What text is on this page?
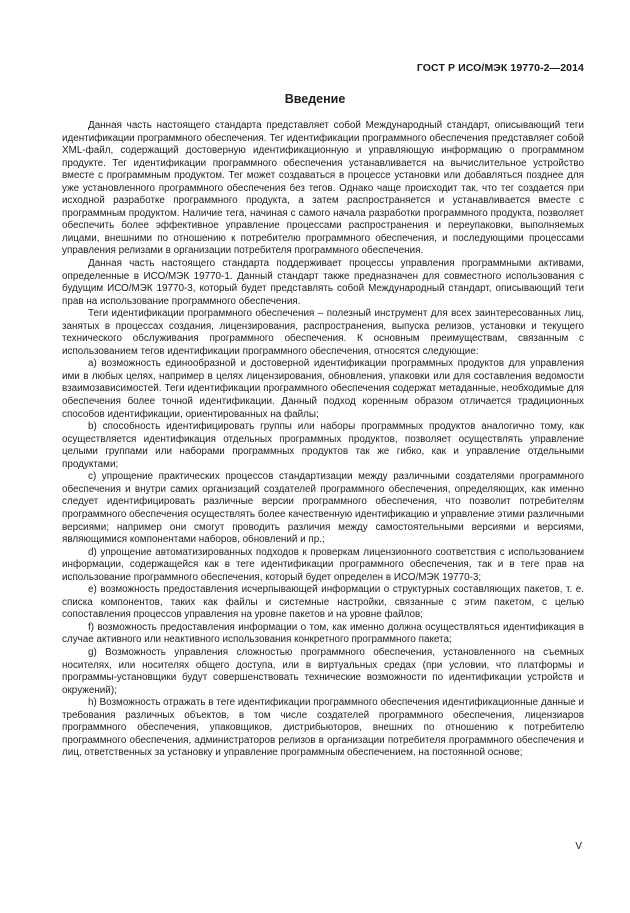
ГОСТ Р ИСО/МЭК 19770-2—2014
Введение

Данная часть настоящего стандарта представляет собой Международный стандарт, описывающий теги идентификации программного обеспечения. Тег идентификации программного обеспечения представляет собой XML-файл, содержащий достоверную идентификационную и управляющую информацию о программном продукте. Тег идентификации программного обеспечения устанавливается на вычислительное устройство вместе с программным продуктом. Тег может создаваться в процессе установки или добавляться позднее для уже установленного программного обеспечения без тегов. Однако чаще происходит так, что тег создается при исходной разработке программного продукта, а затем распространяется и устанавливается вместе с программным продуктом. Наличие тега, начиная с самого начала разработки программного продукта, позволяет обеспечить более эффективное управление процессами распространения и переупаковки, выполняемых лицами, внешними по отношению к потребителю программного обеспечения, и последующими процессами управления релизами в организации потребителя программного обеспечения.

Данная часть настоящего стандарта поддерживает процессы управления программными активами, определенные в ИСО/МЭК 19770-1. Данный стандарт также предназначен для совместного использования с будущим ИСО/МЭК 19770-3, который будет представлять собой Международный стандарт, описывающий теги прав на использование программного обеспечения.

Теги идентификации программного обеспечения – полезный инструмент для всех заинтересованных лиц, занятых в процессах создания, лицензирования, распространения, выпуска релизов, установки и текущего технического обслуживания программного обеспечения. К основным преимуществам, связанным с использованием тегов идентификации программного обеспечения, относятся следующие:

a) возможность единообразной и достоверной идентификации программных продуктов для управления ими в любых целях, например в целях лицензирования, обновления, упаковки или для составления ведомости взаимозависимостей. Теги идентификации программного обеспечения содержат метаданные, необходимые для обеспечения более точной идентификации. Данный подход коренным образом отличается традиционных способов идентификации, ориентированных на файлы;

b) способность идентифицировать группы или наборы программных продуктов аналогично тому, как осуществляется идентификация отдельных программных продуктов, позволяет осуществлять управление целыми группами или наборами программных продуктов так же гибко, как и управление отдельными продуктами;

c) упрощение практических процессов стандартизации между различными создателями программного обеспечения и внутри самих организаций создателей программного обеспечения, определяющих, как именно следует идентифицировать различные версии программного обеспечения, что позволит потребителям программного обеспечения осуществлять более качественную идентификацию и управление этими различными версиями; например они смогут проводить различия между самостоятельными версиями и версиями, являющимися компонентами наборов, обновлений и пр.;

d) упрощение автоматизированных подходов к проверкам лицензионного соответствия с использованием информации, содержащейся как в теге идентификации программного обеспечения, так и в теге прав на использование программного обеспечения, который будет определен в ИСО/МЭК 19770-3;

e) возможность предоставления исчерпывающей информации о структурных составляющих пакетов, т. е. списка компонентов, таких как файлы и системные настройки, связанные с этим пакетом, с целью сопоставления процессов управления на уровне пакетов и на уровне файлов;

f) возможность предоставления информации о том, как именно должна осуществляться идентификация в случае активного или неактивного использования конкретного программного пакета;

g) Возможность управления сложностью программного обеспечения, установленного на съемных носителях, или носителях общего доступа, или в виртуальных средах (при условии, что платформы и программы-установщики будут совершенствовать технические возможности по идентификации устройств и окружений);

h) Возможность отражать в теге идентификации программного обеспечения идентификационные данные и требования различных объектов, в том числе создателей программного обеспечения, лицензиаров программного обеспечения, упаковщиков, дистрибьюторов, внешних по отношению к потребителю программного обеспечения, администраторов релизов в организации потребителя программного обеспечения и лиц, ответственных за установку и управление программным обеспечением, на постоянной основе;

V
